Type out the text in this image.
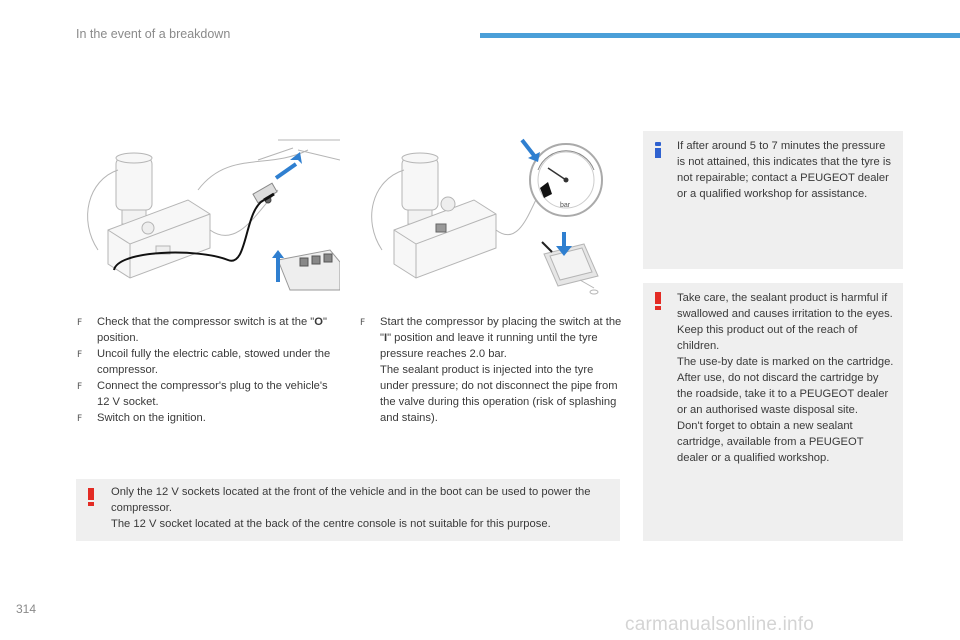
In the event of a breakdown
bar
F
Check that the compressor switch is at the "O" position.
F
Uncoil fully the electric cable, stowed under the compressor.
F
Connect the compressor's plug to the vehicle's 12 V socket.
F
Switch on the ignition.
F
Start the compressor by placing the switch at the "I" position and leave it running until the tyre pressure reaches 2.0 bar.
The sealant product is injected into the tyre under pressure; do not disconnect the pipe from the valve during this operation (risk of splashing and stains).
If after around 5 to 7 minutes the pressure is not attained, this indicates that the tyre is not repairable; contact a PEUGEOT dealer or a qualified workshop for assistance.
Take care, the sealant product is harmful if swallowed and causes irritation to the eyes.
Keep this product out of the reach of children.
The use-by date is marked on the cartridge.
After use, do not discard the cartridge by the roadside, take it to a PEUGEOT dealer or an authorised waste disposal site.
Don't forget to obtain a new sealant cartridge, available from a PEUGEOT dealer or a qualified workshop.
Only the 12 V sockets located at the front of the vehicle and in the boot can be used to power the compressor.
The 12 V socket located at the back of the centre console is not suitable for this purpose.
314
carmanualsonline.info
